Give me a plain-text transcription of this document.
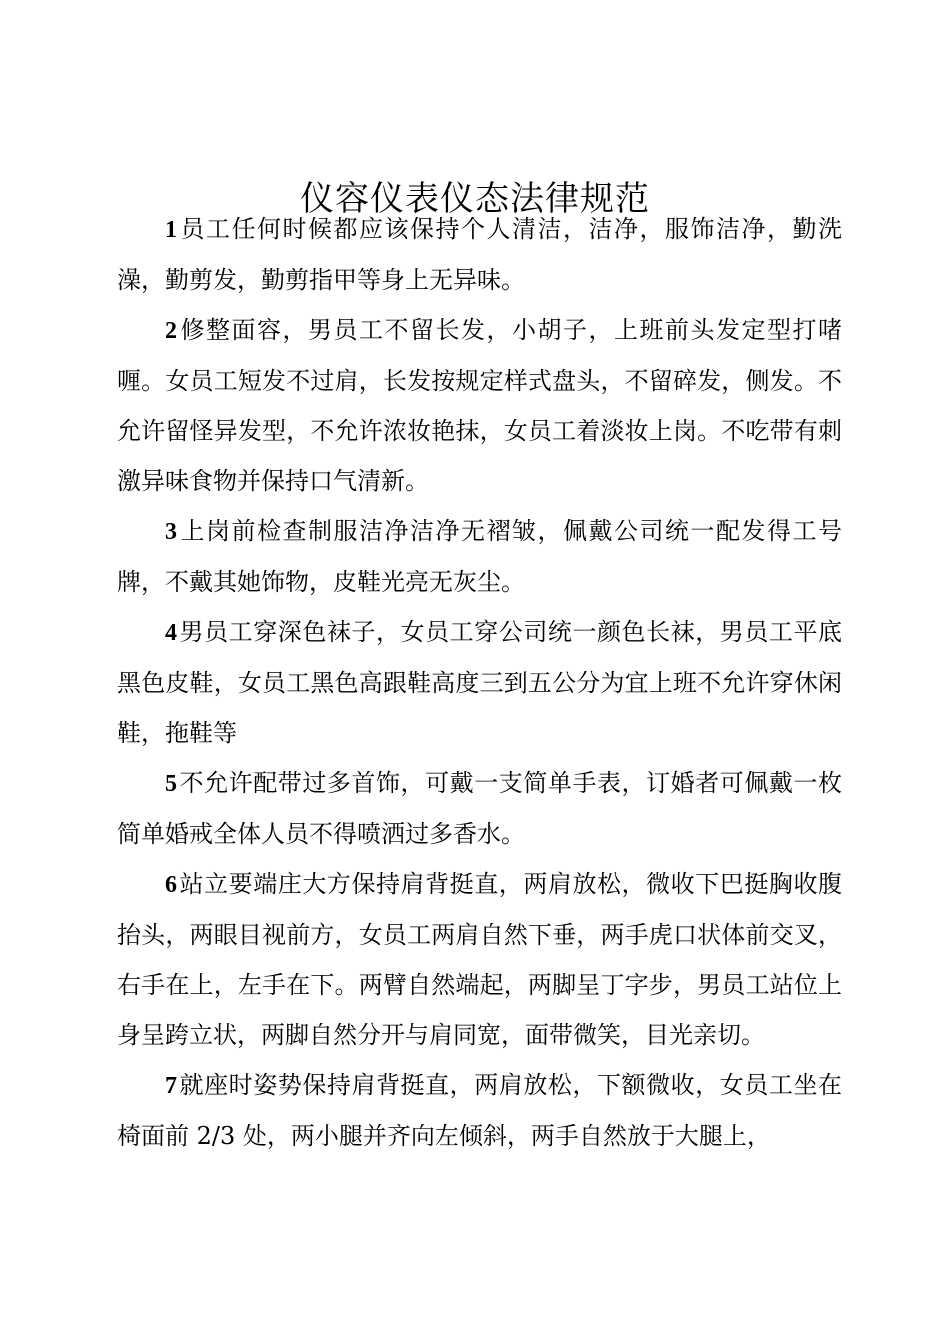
仪容仪表仪态法律规范

1员工任何时候都应该保持个人清洁，洁净，服饰洁净，勤洗澡，勤剪发，勤剪指甲等身上无异味。

2修整面容，男员工不留长发，小胡子，上班前头发定型打啫喱。女员工短发不过肩，长发按规定样式盘头，不留碎发，侧发。不允许留怪异发型，不允许浓妆艳抹，女员工着淡妆上岗。不吃带有刺激异味食物并保持口气清新。

3上岗前检查制服洁净洁净无褶皱，佩戴公司统一配发得工号牌，不戴其她饰物，皮鞋光亮无灰尘。

4男员工穿深色袜子，女员工穿公司统一颜色长袜，男员工平底黑色皮鞋，女员工黑色高跟鞋高度三到五公分为宜上班不允许穿休闲鞋，拖鞋等

5不允许配带过多首饰，可戴一支简单手表，订婚者可佩戴一枚简单婚戒全体人员不得喷洒过多香水。

6站立要端庄大方保持肩背挺直，两肩放松，微收下巴挺胸收腹抬头，两眼目视前方，女员工两肩自然下垂，两手虎口状体前交叉，右手在上，左手在下。两臂自然端起，两脚呈丁字步，男员工站位上身呈跨立状，两脚自然分开与肩同宽，面带微笑，目光亲切。

7就座时姿势保持肩背挺直，两肩放松，下额微收，女员工坐在椅面前 2/3 处，两小腿并齐向左倾斜，两手自然放于大腿上，
